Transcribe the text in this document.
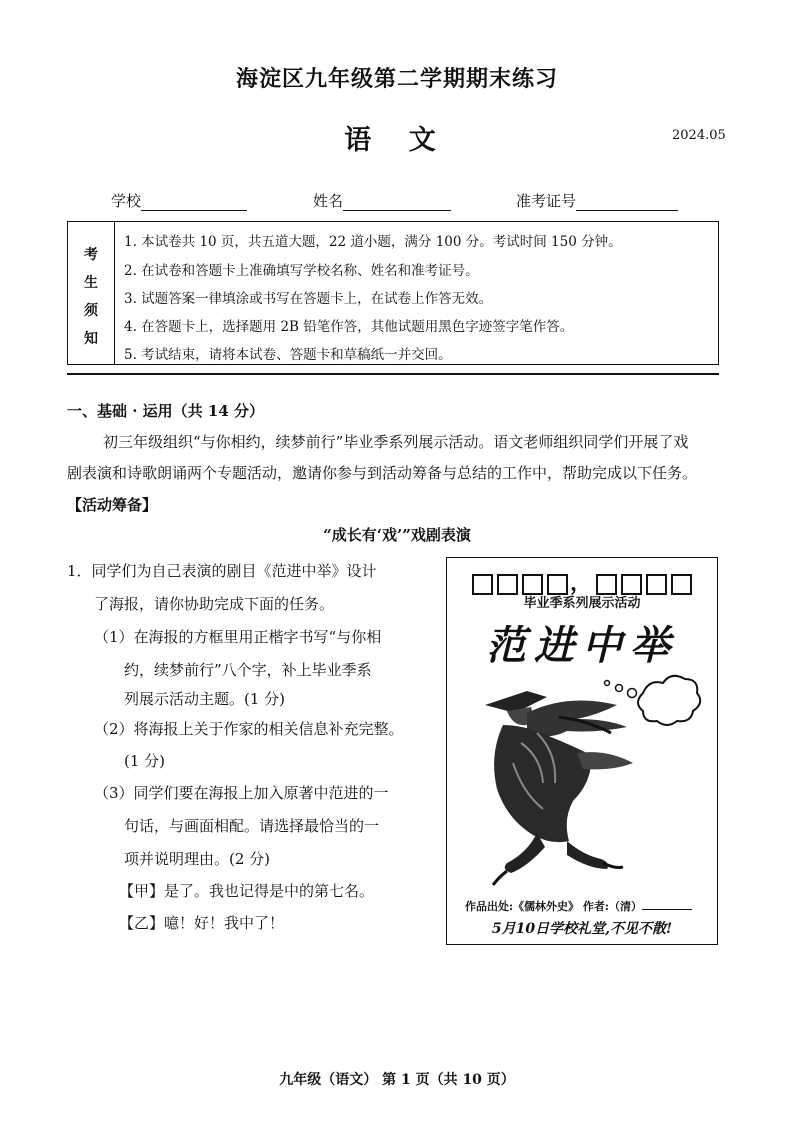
海淀区九年级第二学期期末练习
语 文	2024.05
学校	姓名	准考证号
考
生
须
知
1. 本试卷共 10 页，共五道大题，22 道小题，满分 100 分。考试时间 150 分钟。
2. 在试卷和答题卡上准确填写学校名称、姓名和准考证号。
3. 试题答案一律填涂或书写在答题卡上，在试卷上作答无效。
4. 在答题卡上，选择题用 2B 铅笔作答，其他试题用黑色字迹签字笔作答。
5. 考试结束，请将本试卷、答题卡和草稿纸一并交回。
一、基础 · 运用（共 14 分）
初三年级组织“与你相约，续梦前行”毕业季系列展示活动。语文老师组织同学们开展了戏
剧表演和诗歌朗诵两个专题活动，邀请你参与到活动筹备与总结的工作中，帮助完成以下任务。
【活动筹备】
“成长有‘戏’”戏剧表演
1．同学们为自己表演的剧目《范进中举》设计
了海报，请你协助完成下面的任务。
（1）在海报的方框里用正楷字书写“与你相
约，续梦前行”八个字，补上毕业季系
列展示活动主题。(1 分)
（2）将海报上关于作家的相关信息补充完整。
(1 分)
（3）同学们要在海报上加入原著中范进的一
句话，与画面相配。请选择最恰当的一
项并说明理由。(2 分)
【甲】是了。我也记得是中的第七名。
【乙】噫！好！我中了！
，
毕业季系列展示活动
范进中举
作品出处:《儒林外史》 作者:（清）
5月10日学校礼堂,不见不散!
九年级（语文） 第 1 页（共 10 页）
